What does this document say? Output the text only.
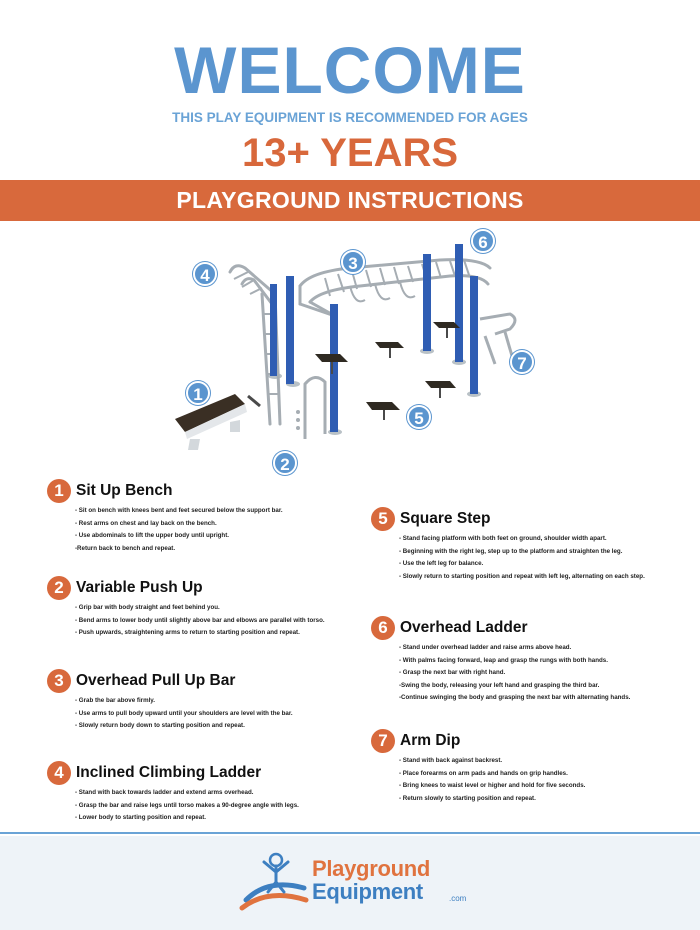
WELCOME
THIS PLAY EQUIPMENT IS RECOMMENDED FOR AGES
13+ YEARS
PLAYGROUND INSTRUCTIONS
1
2
3
4
5
6
7
1 Sit Up Bench
- Sit on bench with knees bent and feet secured below the support bar.
- Rest arms on chest and lay back on the bench.
- Use abdominals to lift the upper body until upright.
-Return back to bench and repeat.
2 Variable Push Up
- Grip bar with body straight and feet behind you.
- Bend arms to lower body until slightly above bar and elbows are parallel with torso.
- Push upwards, straightening arms to return to starting position and repeat.
3 Overhead Pull Up Bar
- Grab the bar above firmly.
- Use arms to pull body upward until your shoulders are level with the bar.
- Slowly return body down to starting position and repeat.
4 Inclined Climbing Ladder
- Stand with back towards ladder and extend arms overhead.
- Grasp the bar and raise legs until torso makes a 90-degree angle with legs.
- Lower body to starting position and repeat.
5 Square Step
- Stand facing platform with both feet on ground, shoulder width apart.
- Beginning with the right leg, step up to the platform and straighten the leg.
- Use the left leg for balance.
- Slowly return to starting position and repeat with left leg, alternating on each step.
6 Overhead Ladder
- Stand under overhead ladder and raise arms above head.
- With palms facing forward, leap and grasp the rungs with both hands.
- Grasp the next bar with right hand.
-Swing the body, releasing your left hand and grasping the third bar.
-Continue swinging the body and grasping the next bar with alternating hands.
7 Arm Dip
- Stand with back against backrest.
- Place forearms on arm pads and hands on grip handles.
- Bring knees to waist level or higher and hold for five seconds.
- Return slowly to starting position and repeat.
Playground
Equipment	.com
